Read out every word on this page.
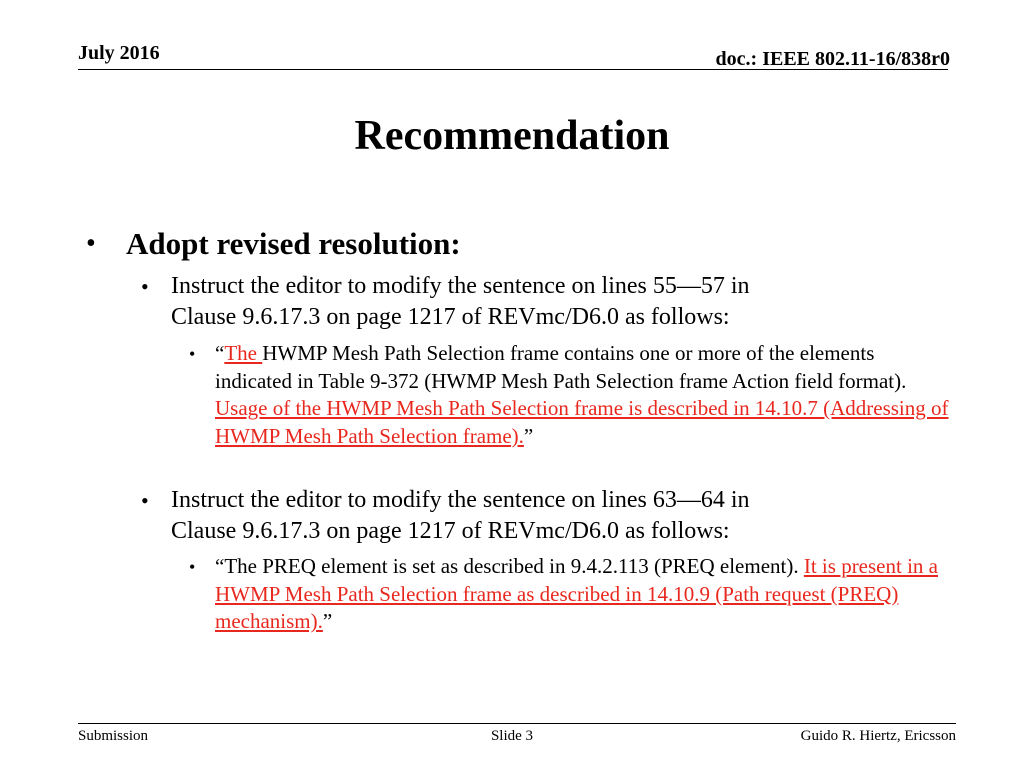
July 2016	doc.: IEEE 802.11-16/838r0
Recommendation
• Adopt revised resolution:
• Instruct the editor to modify the sentence on lines 55—57 in
Clause 9.6.17.3 on page 1217 of REVmc/D6.0 as follows:
• “The HWMP Mesh Path Selection frame contains one or more of the elements indicated in Table 9-372 (HWMP Mesh Path Selection frame Action field format). Usage of the HWMP Mesh Path Selection frame is described in 14.10.7 (Addressing of HWMP Mesh Path Selection frame).”
• Instruct the editor to modify the sentence on lines 63—64 in
Clause 9.6.17.3 on page 1217 of REVmc/D6.0 as follows:
• “The PREQ element is set as described in 9.4.2.113 (PREQ element). It is present in a HWMP Mesh Path Selection frame as described in 14.10.9 (Path request (PREQ) mechanism).”
Submission	Slide 3	Guido R. Hiertz, Ericsson
